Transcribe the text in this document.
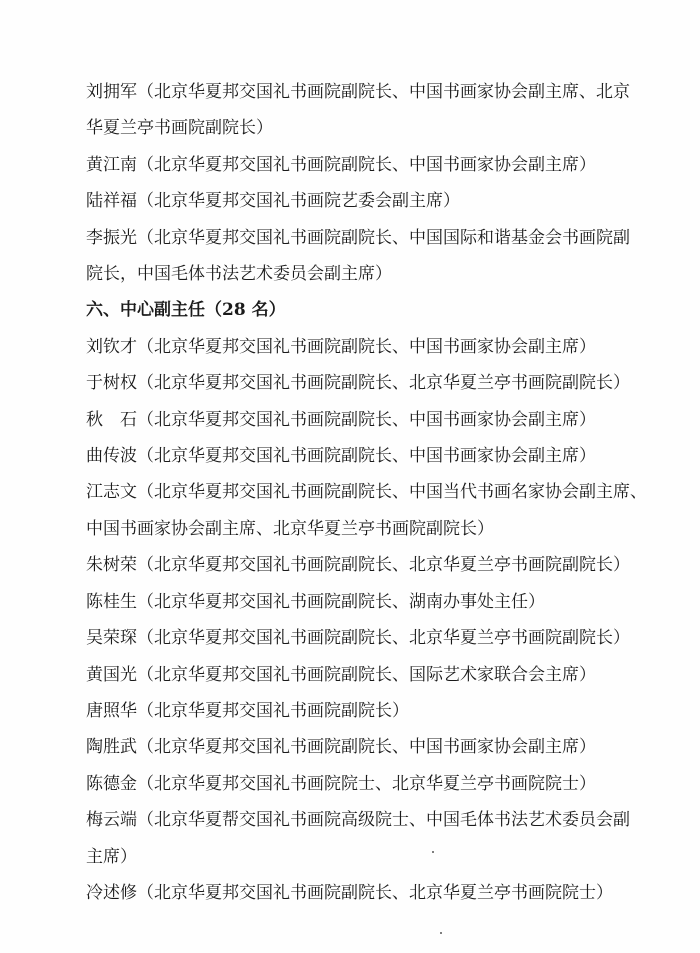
刘拥军（北京华夏邦交国礼书画院副院长、中国书画家协会副主席、北京
华夏兰亭书画院副院长）
黄江南（北京华夏邦交国礼书画院副院长、中国书画家协会副主席）
陆祥福（北京华夏邦交国礼书画院艺委会副主席）
李振光（北京华夏邦交国礼书画院副院长、中国国际和谐基金会书画院副
院长，中国毛体书法艺术委员会副主席）
六、中心副主任（28 名）
刘钦才（北京华夏邦交国礼书画院副院长、中国书画家协会副主席）
于树权（北京华夏邦交国礼书画院副院长、北京华夏兰亭书画院副院长）
秋　石（北京华夏邦交国礼书画院副院长、中国书画家协会副主席）
曲传波（北京华夏邦交国礼书画院副院长、中国书画家协会副主席）
江志文（北京华夏邦交国礼书画院副院长、中国当代书画名家协会副主席、
中国书画家协会副主席、北京华夏兰亭书画院副院长）
朱树荣（北京华夏邦交国礼书画院副院长、北京华夏兰亭书画院副院长）
陈桂生（北京华夏邦交国礼书画院副院长、湖南办事处主任）
吴荣琛（北京华夏邦交国礼书画院副院长、北京华夏兰亭书画院副院长）
黄国光（北京华夏邦交国礼书画院副院长、国际艺术家联合会主席）
唐照华（北京华夏邦交国礼书画院副院长）
陶胜武（北京华夏邦交国礼书画院副院长、中国书画家协会副主席）
陈德金（北京华夏邦交国礼书画院院士、北京华夏兰亭书画院院士）
梅云端（北京华夏帮交国礼书画院高级院士、中国毛体书法艺术委员会副
主席）
冷述修（北京华夏邦交国礼书画院副院长、北京华夏兰亭书画院院士）
